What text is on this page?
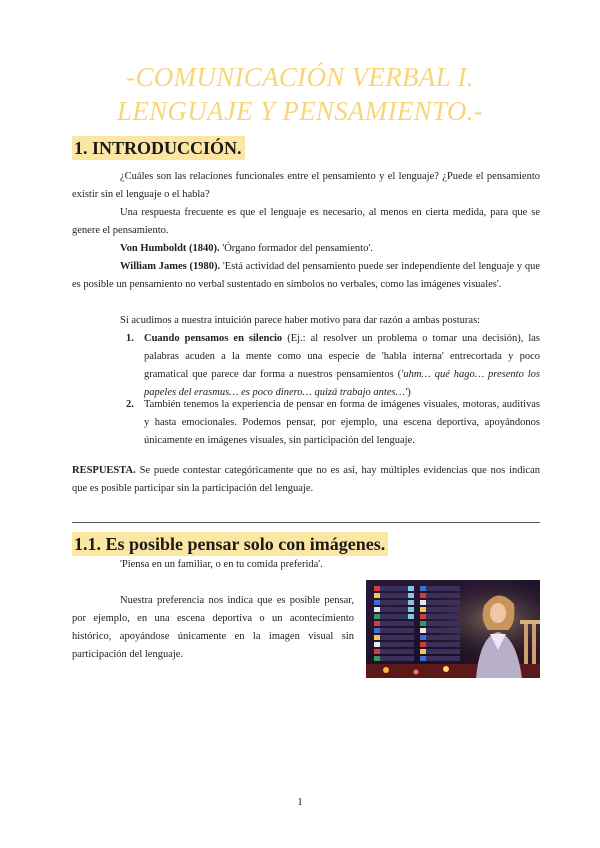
-COMUNICACIÓN VERBAL I.
LENGUAJE Y PENSAMIENTO.-
1. INTRODUCCIÓN.
¿Cuáles son las relaciones funcionales entre el pensamiento y el lenguaje? ¿Puede el pensamiento existir sin el lenguaje o el habla?
Una respuesta frecuente es que el lenguaje es necesario, al menos en cierta medida, para que se genere el pensamiento.
Von Humboldt (1840). 'Órgano formador del pensamiento'.
William James (1980). 'Está actividad del pensamiento puede ser independiente del lenguaje y que es posible un pensamiento no verbal sustentado en símbolos no verbales, como las imágenes visuales'.
Si acudimos a nuestra intuición parece haber motivo para dar razón a ambas posturas:
1. Cuando pensamos en silencio (Ej.: al resolver un problema o tomar una decisión), las palabras acuden a la mente como una especie de 'habla interna' entrecortada y poco gramatical que parece dar forma a nuestros pensamientos ('uhm… qué hago… presento los papeles del erasmus… es poco dinero… quizá trabajo antes…')
2. También tenemos la experiencia de pensar en forma de imágenes visuales, motoras, auditivas y hasta emocionales. Podemos pensar, por ejemplo, una escena deportiva, apoyándonos únicamente en imágenes visuales, sin participación del lenguaje.
RESPUESTA. Se puede contestar categóricamente que no es así, hay múltiples evidencias que nos indican que es posible participar sin la participación del lenguaje.
1.1. Es posible pensar solo con imágenes.
'Piensa en un familiar, o en tu comida preferida'.
Nuestra preferencia nos indica que es posible pensar, por ejemplo, en una escena deportiva o un acontecimiento histórico, apoyándose únicamente en la imagen visual sin participación del lenguaje.
1
